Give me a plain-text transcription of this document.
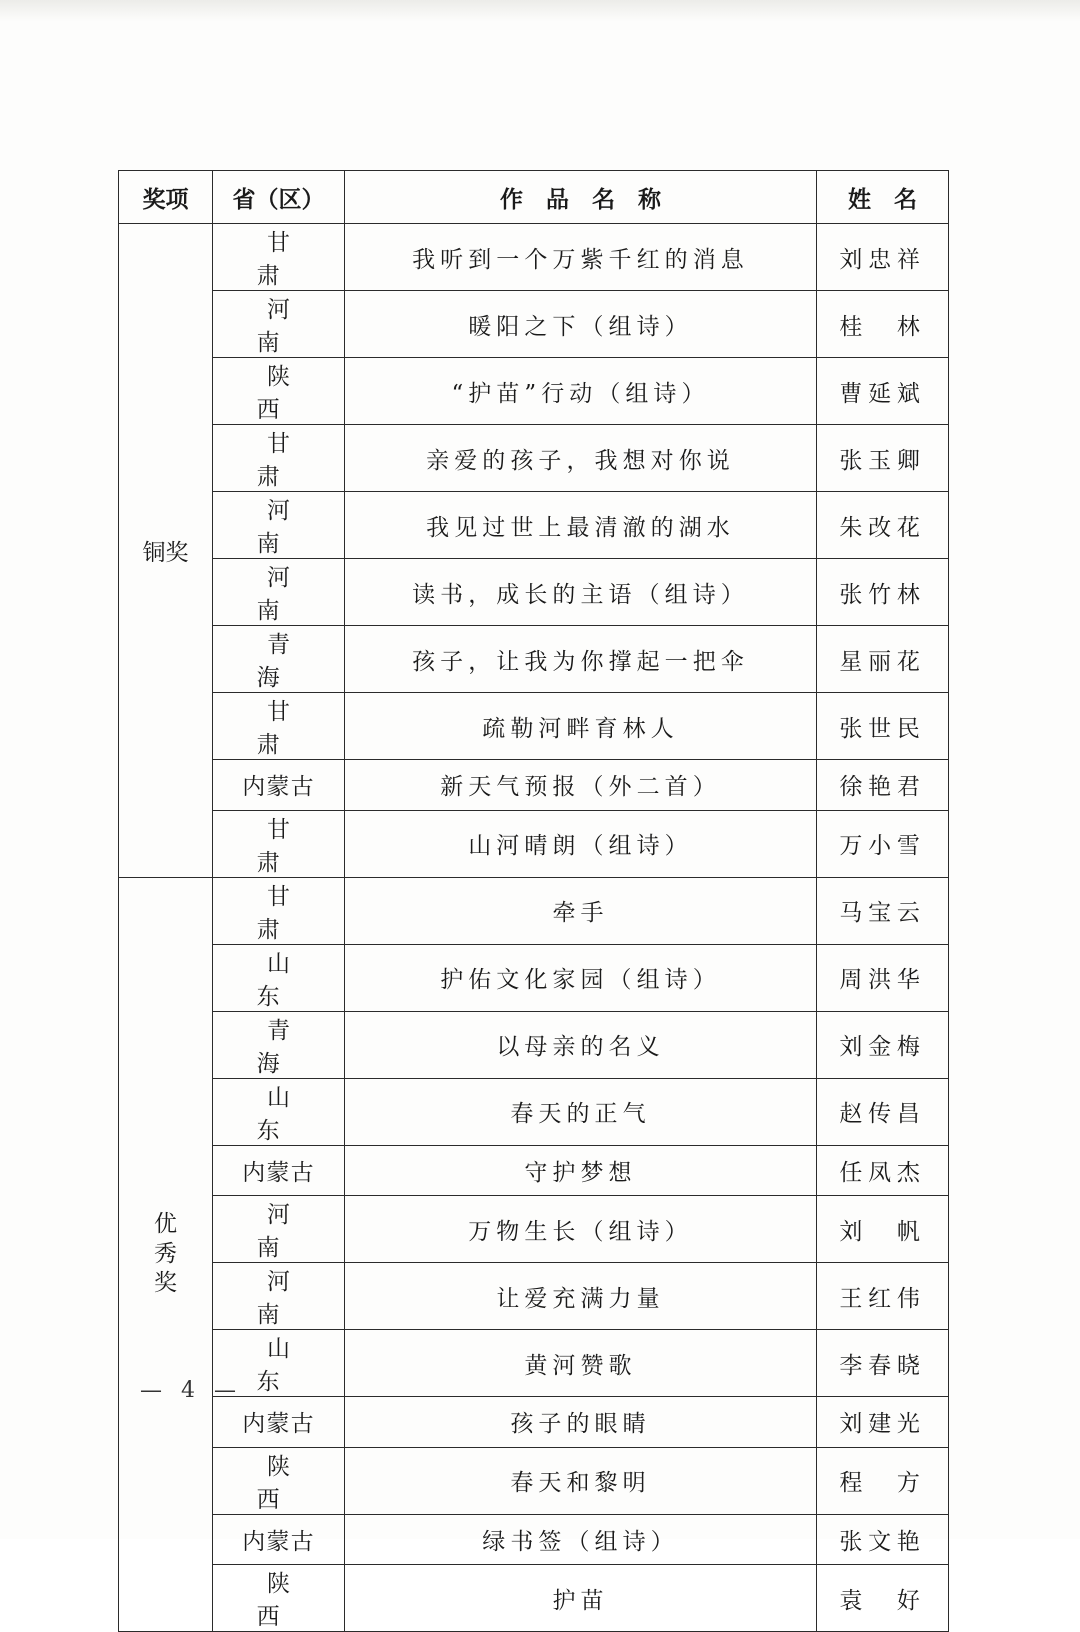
奖项	省（区）	作　品　名　称	姓　名
铜奖	甘　肃	我听到一个万紫千红的消息	刘忠祥
	河　南	暖阳之下（组诗）	桂　林
	陕　西	“护苗”行动（组诗）	曹延斌
	甘　肃	亲爱的孩子，我想对你说	张玉卿
	河　南	我见过世上最清澈的湖水	朱改花
	河　南	读书，成长的主语（组诗）	张竹林
	青　海	孩子，让我为你撑起一把伞	星丽花
	甘　肃	疏勒河畔育林人	张世民
	内蒙古	新天气预报（外二首）	徐艳君
	甘　肃	山河晴朗（组诗）	万小雪
优秀奖	甘　肃	牵手	马宝云
	山　东	护佑文化家园（组诗）	周洪华
	青　海	以母亲的名义	刘金梅
	山　东	春天的正气	赵传昌
	内蒙古	守护梦想	任凤杰
	河　南	万物生长（组诗）	刘　帆
	河　南	让爱充满力量	王红伟
	山　东	黄河赞歌	李春晓
	内蒙古	孩子的眼睛	刘建光
	陕　西	春天和黎明	程　方
	内蒙古	绿书签（组诗）	张文艳
	陕　西	护苗	袁　好
— 4 —
